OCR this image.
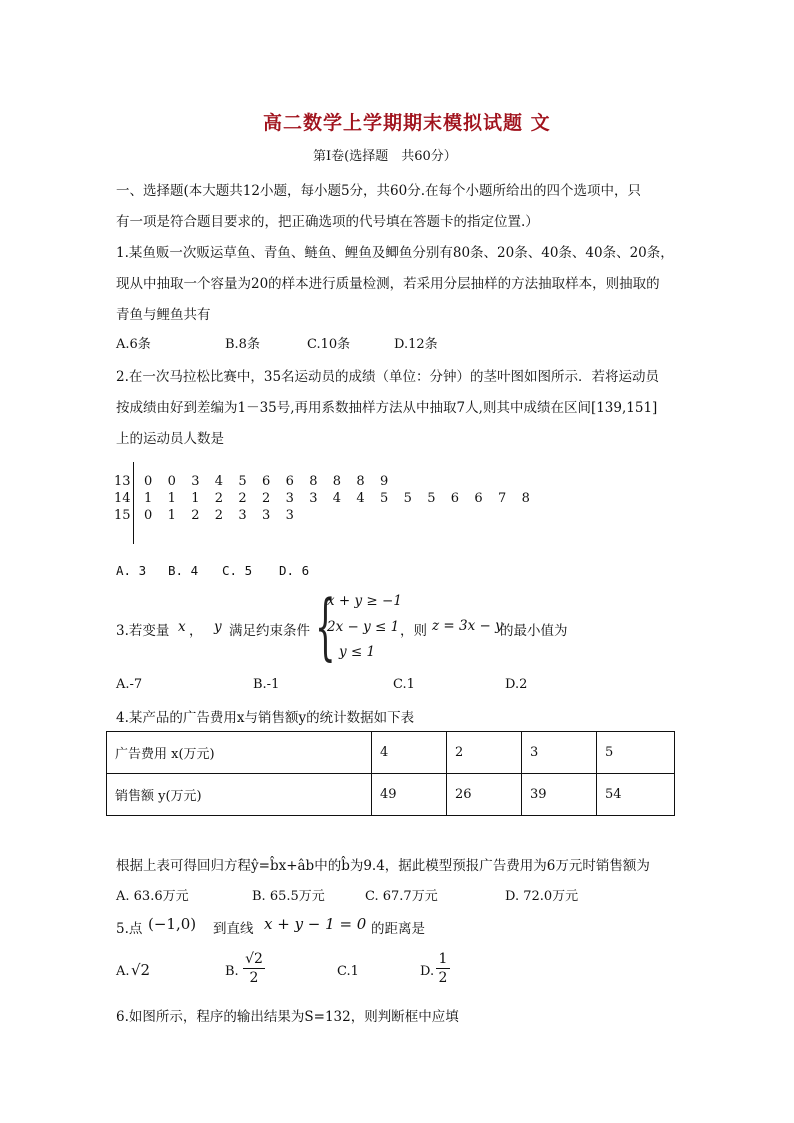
高二数学上学期期末模拟试题 文
第Ⅰ卷(选择题　共60分）
一、选择题(本大题共12小题，每小题5分，共60分.在每个小题所给出的四个选项中，只
有一项是符合题目要求的，把正确选项的代号填在答题卡的指定位置.）
1.某鱼贩一次贩运草鱼、青鱼、鲢鱼、鲤鱼及鲫鱼分别有80条、20条、40条、40条、20条，
现从中抽取一个容量为20的样本进行质量检测，若采用分层抽样的方法抽取样本，则抽取的
青鱼与鲤鱼共有
A.6条	B.8条	C.10条	D.12条
2.在一次马拉松比赛中，35名运动员的成绩（单位：分钟）的茎叶图如图所示．若将运动员
按成绩由好到差编为1－35号,再用系数抽样方法从中抽取7人,则其中成绩在区间[139,151]
上的运动员人数是
13 0 0 3 4 5 6 6 8 8 8 9
14 1 1 1 2 2 2 3 3 4 4 5 5 5 6 6 7 8
15 0 1 2 2 3 3 3
A. 3 B. 4 C. 5 D. 6
3.若变量 x ， y 满足约束条件 {
x + y ≥ −1
2x − y ≤ 1
y ≤ 1
，则 z = 3x − y
的最小值为
A.-7	B.-1	C.1	D.2
4.某产品的广告费用x与销售额y的统计数据如下表
广告费用 x(万元)	4	2	3	5
销售额 y(万元)	49	26	39	54
根据上表可得回归方程ŷ=b̂x+âb中的b̂为9.4，据此模型预报广告费用为6万元时销售额为
A. 63.6万元	B. 65.5万元	C. 67.7万元	D. 72.0万元
5.点 (−1,0) 到直线 x + y − 1 = 0 的距离是
A. √2	B. $\frac{√2}{2}$	C.1	D. $\frac{1}{2}$
6.如图所示，程序的输出结果为S=132，则判断框中应填
